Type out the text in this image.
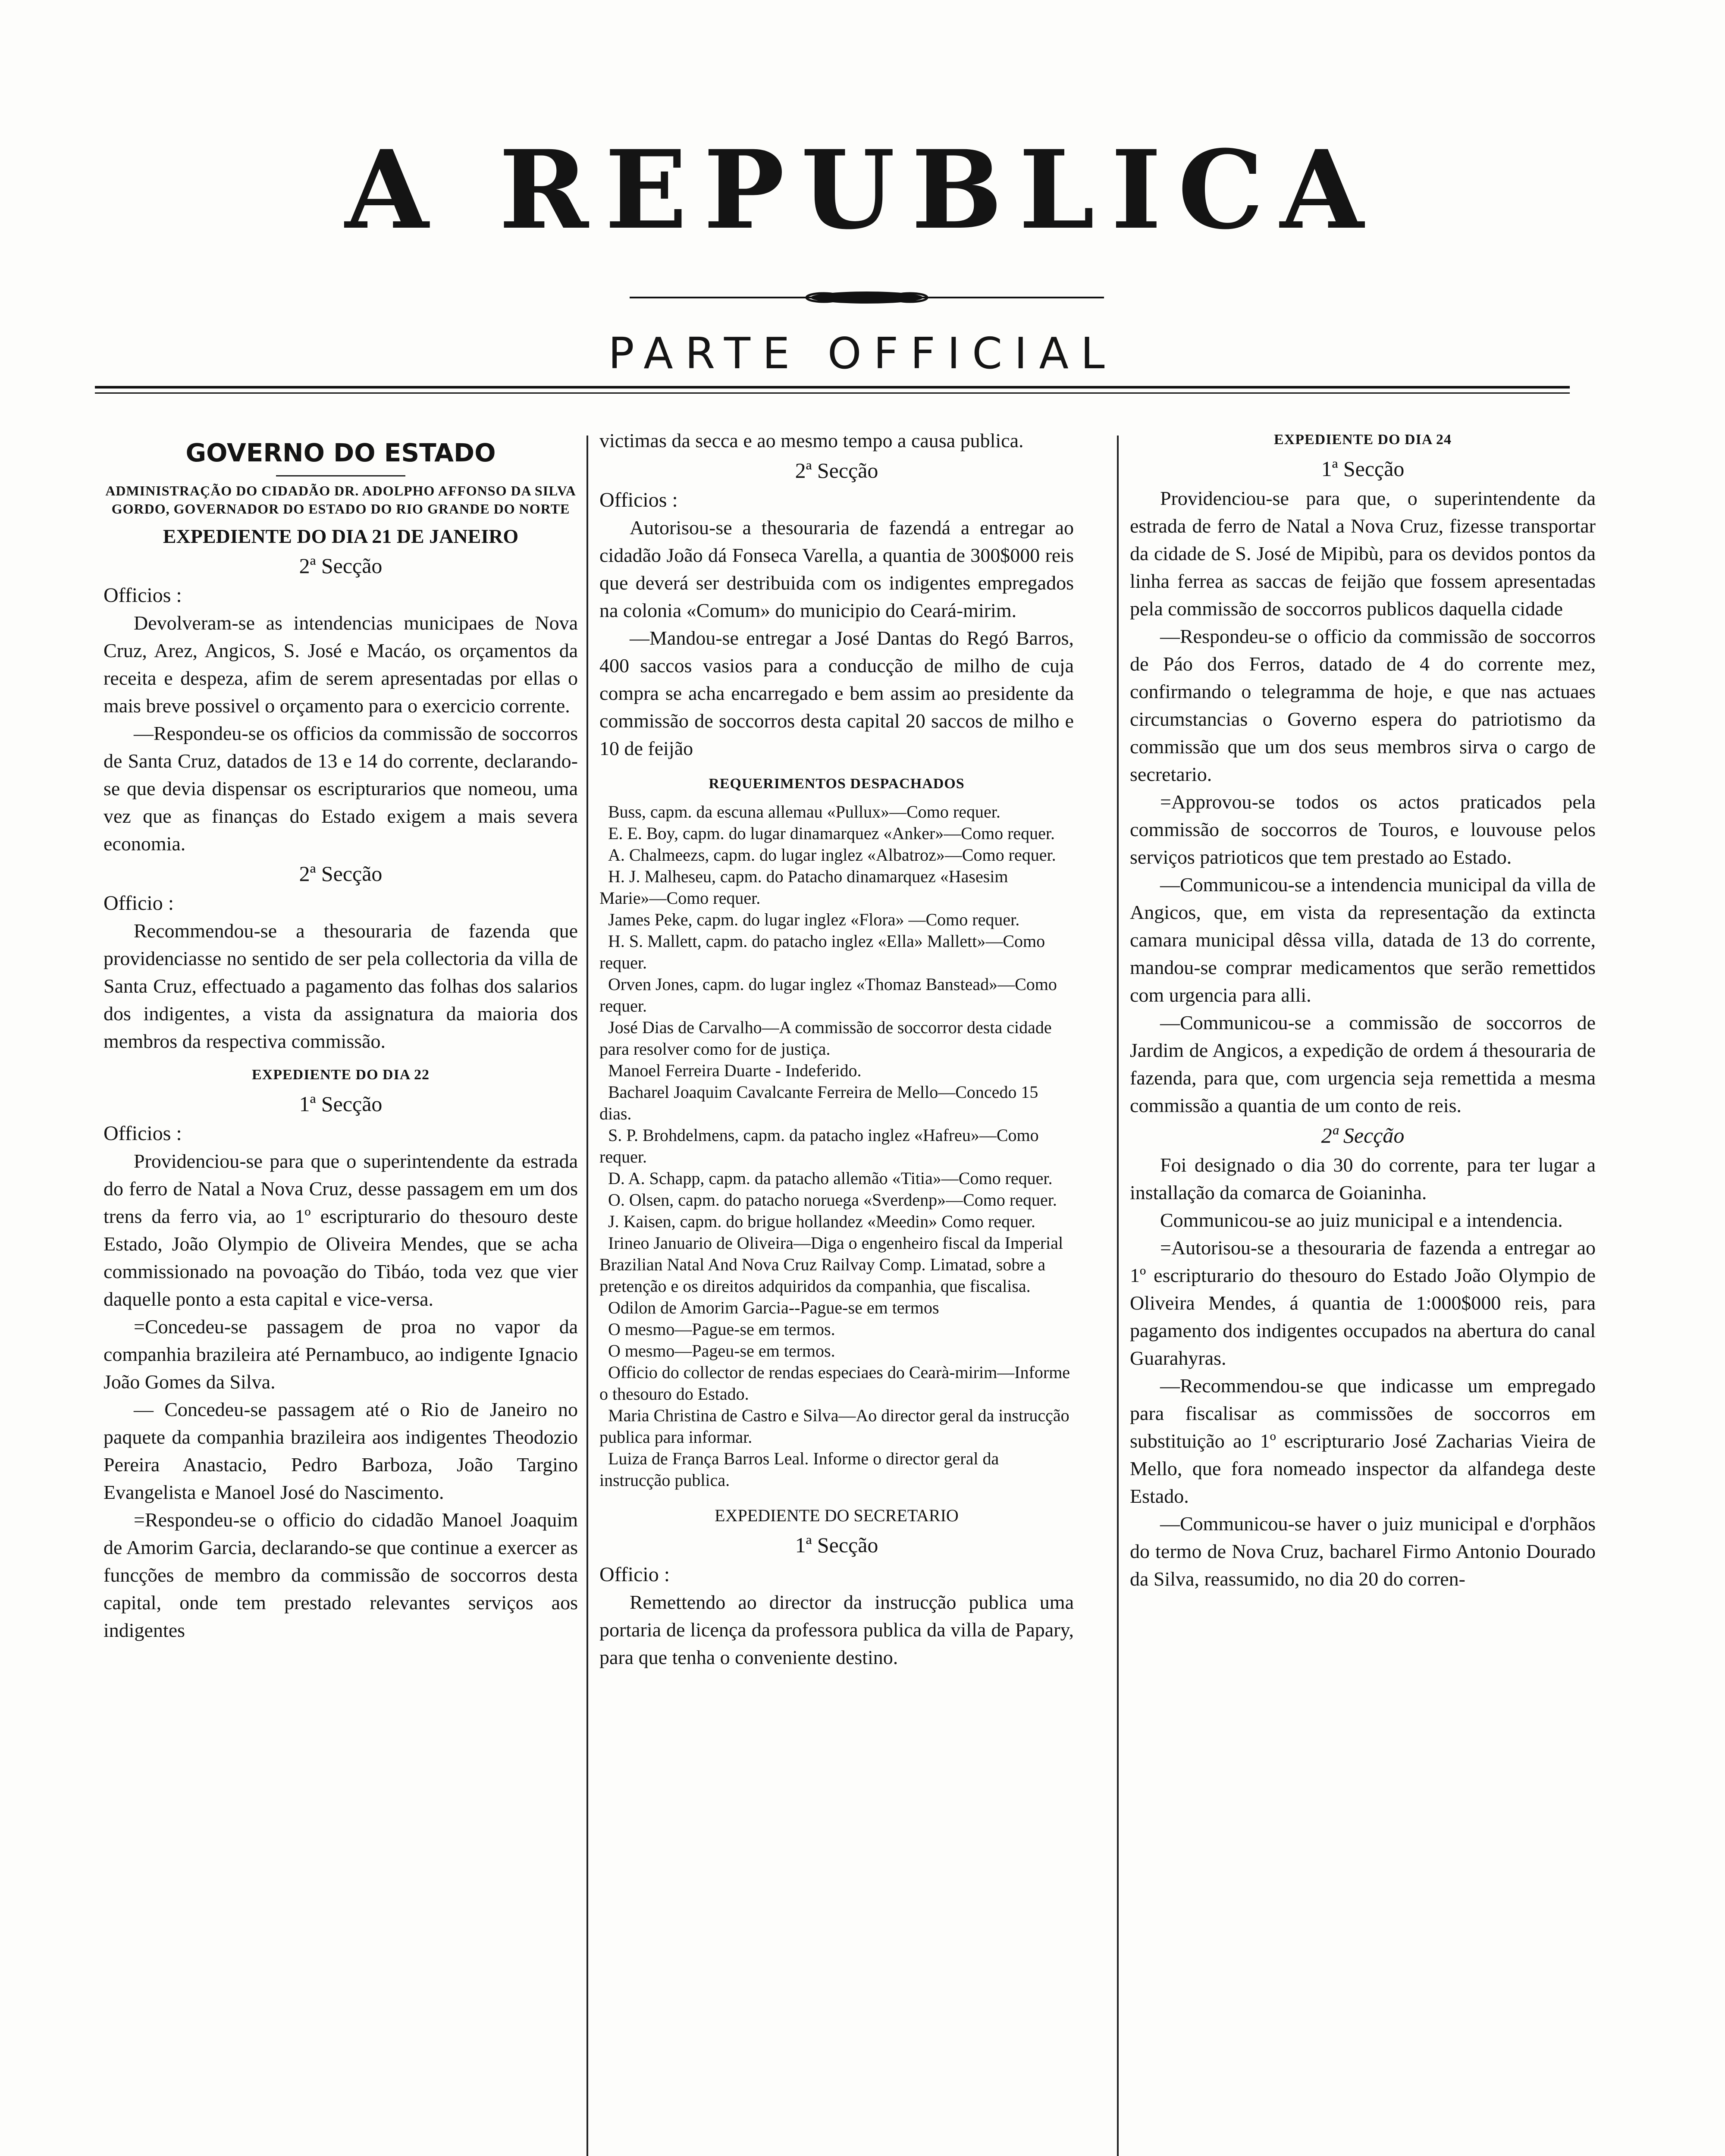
A REPUBLICA
PARTE OFFICIAL
GOVERNO DO ESTADO
ADMINISTRAÇÃO DO CIDADÃO DR. ADOLPHO AFFONSO DA SILVA GORDO, GOVERNADOR DO ESTADO DO RIO GRANDE DO NORTE
EXPEDIENTE DO DIA 21 DE JANEIRO
2ª Secção
Officios :

Devolveram-se as intendencias municipaes de Nova Cruz, Arez, Angicos, S. José e Macáo, os orçamentos da receita e despeza, afim de serem apresentadas por ellas o mais breve possivel o orçamento para o exercicio corrente.

—Respondeu-se os officios da commissão de soccorros de Santa Cruz, datados de 13 e 14 do corrente, declarando-se que devia dispensar os escripturarios que nomeou, uma vez que as finanças do Estado exigem a mais severa economia.

2ª Secção
Officio :

Recommendou-se a thesouraria de fazenda que providenciasse no sentido de ser pela collectoria da villa de Santa Cruz, effectuado a pagamento das folhas dos salarios dos indigentes, a vista da assignatura da maioria dos membros da respectiva commissão.

EXPEDIENTE DO DIA 22
1ª Secção
Officios :

Providenciou-se para que o superintendente da estrada do ferro de Natal a Nova Cruz, desse passagem em um dos trens da ferro via, ao 1º escripturario do thesouro deste Estado, João Olympio de Oliveira Mendes, que se acha commissionado na povoação do Tibáo, toda vez que vier daquelle ponto a esta capital e vice-versa.

=Concedeu-se passagem de proa no vapor da companhia brazileira até Pernambuco, ao indigente Ignacio João Gomes da Silva.

— Concedeu-se passagem até o Rio de Janeiro no paquete da companhia brazileira aos indigentes Theodozio Pereira Anastacio, Pedro Barboza, João Targino Evangelista e Manoel José do Nascimento.

=Respondeu-se o officio do cidadão Manoel Joaquim de Amorim Garcia, declarando-se que continue a exercer as funcções de membro da commissão de soccorros desta capital, onde tem prestado relevantes serviços aos indigentes

victimas da secca e ao mesmo tempo a causa publica.

2ª Secção
Officios :

Autorisou-se a thesouraria de fazendá a entregar ao cidadão João dá Fonseca Varella, a quantia de 300$000 reis que deverá ser destribuida com os indigentes empregados na colonia «Comum» do municipio do Ceará-mirim.

—Mandou-se entregar a José Dantas do Regó Barros, 400 saccos vasios para a conducção de milho de cuja compra se acha encarregado e bem assim ao presidente da commissão de soccorros desta capital 20 saccos de milho e 10 de feijão

REQUERIMENTOS DESPACHADOS

Buss, capm. da escuna allemau «Pullux»—Como requer.

E. E. Boy, capm. do lugar dinamarquez «Anker»—Como requer.

A. Chalmeezs, capm. do lugar inglez «Albatroz»—Como requer.

H. J. Malheseu, capm. do Patacho dinamarquez «Hasesim Marie»—Como requer.

James Peke, capm. do lugar inglez «Flora» —Como requer.

H. S. Mallett, capm. do patacho inglez «Ella» Mallett»—Como requer.

Orven Jones, capm. do lugar inglez «Thomaz Banstead»—Como requer.

José Dias de Carvalho—A commissão de soccorror desta cidade para resolver como for de justiça.

Manoel Ferreira Duarte - Indeferido.

Bacharel Joaquim Cavalcante Ferreira de Mello—Concedo 15 dias.

S. P. Brohdelmens, capm. da patacho inglez «Hafreu»—Como requer.

D. A. Schapp, capm. da patacho allemão «Titia»—Como requer.

O. Olsen, capm. do patacho noruega «Sverdenp»—Como requer.

J. Kaisen, capm. do brigue hollandez «Meedin» Como requer.

Irineo Januario de Oliveira—Diga o engenheiro fiscal da Imperial Brazilian Natal And Nova Cruz Railvay Comp. Limatad, sobre a pretenção e os direitos adquiridos da companhia, que fiscalisa.

Odilon de Amorim Garcia--Pague-se em termos

O mesmo—Pague-se em termos.

O mesmo—Pageu-se em termos.

Officio do collector de rendas especiaes do Cearà-mirim—Informe o thesouro do Estado.

Maria Christina de Castro e Silva—Ao director geral da instrucção publica para informar.

Luiza de França Barros Leal. Informe o director geral da instrucção publica.

EXPEDIENTE DO SECRETARIO
1ª Secção
Officio :

Remettendo ao director da instrucção publica uma portaria de licença da professora publica da villa de Papary, para que tenha o conveniente destino.

EXPEDIENTE DO DIA 24
1ª Secção

Providenciou-se para que, o superintendente da estrada de ferro de Natal a Nova Cruz, fizesse transportar da cidade de S. José de Mipibù, para os devidos pontos da linha ferrea as saccas de feijão que fossem apresentadas pela commissão de soccorros publicos daquella cidade

—Respondeu-se o officio da commissão de soccorros de Páo dos Ferros, datado de 4 do corrente mez, confirmando o telegramma de hoje, e que nas actuaes circumstancias o Governo espera do patriotismo da commissão que um dos seus membros sirva o cargo de secretario.

=Approvou-se todos os actos praticados pela commissão de soccorros de Touros, e louvouse pelos serviços patrioticos que tem prestado ao Estado.

—Communicou-se a intendencia municipal da villa de Angicos, que, em vista da representação da extincta camara municipal dêssa villa, datada de 13 do corrente, mandou-se comprar medicamentos que serão remettidos com urgencia para alli.

—Communicou-se a commissão de soccorros de Jardim de Angicos, a expedição de ordem á thesouraria de fazenda, para que, com urgencia seja remettida a mesma commissão a quantia de um conto de reis.

2ª Secção

Foi designado o dia 30 do corrente, para ter lugar a installação da comarca de Goianinha.

Communicou-se ao juiz municipal e a intendencia.

=Autorisou-se a thesouraria de fazenda a entregar ao 1º escripturario do thesouro do Estado João Olympio de Oliveira Mendes, á quantia de 1:000$000 reis, para pagamento dos indigentes occupados na abertura do canal Guarahyras.

—Recommendou-se que indicasse um empregado para fiscalisar as commissões de soccorros em substituição ao 1º escripturario José Zacharias Vieira de Mello, que fora nomeado inspector da alfandega deste Estado.

—Communicou-se haver o juiz municipal e d'orphãos do termo de Nova Cruz, bacharel Firmo Antonio Dourado da Silva, reassumido, no dia 20 do corren-
